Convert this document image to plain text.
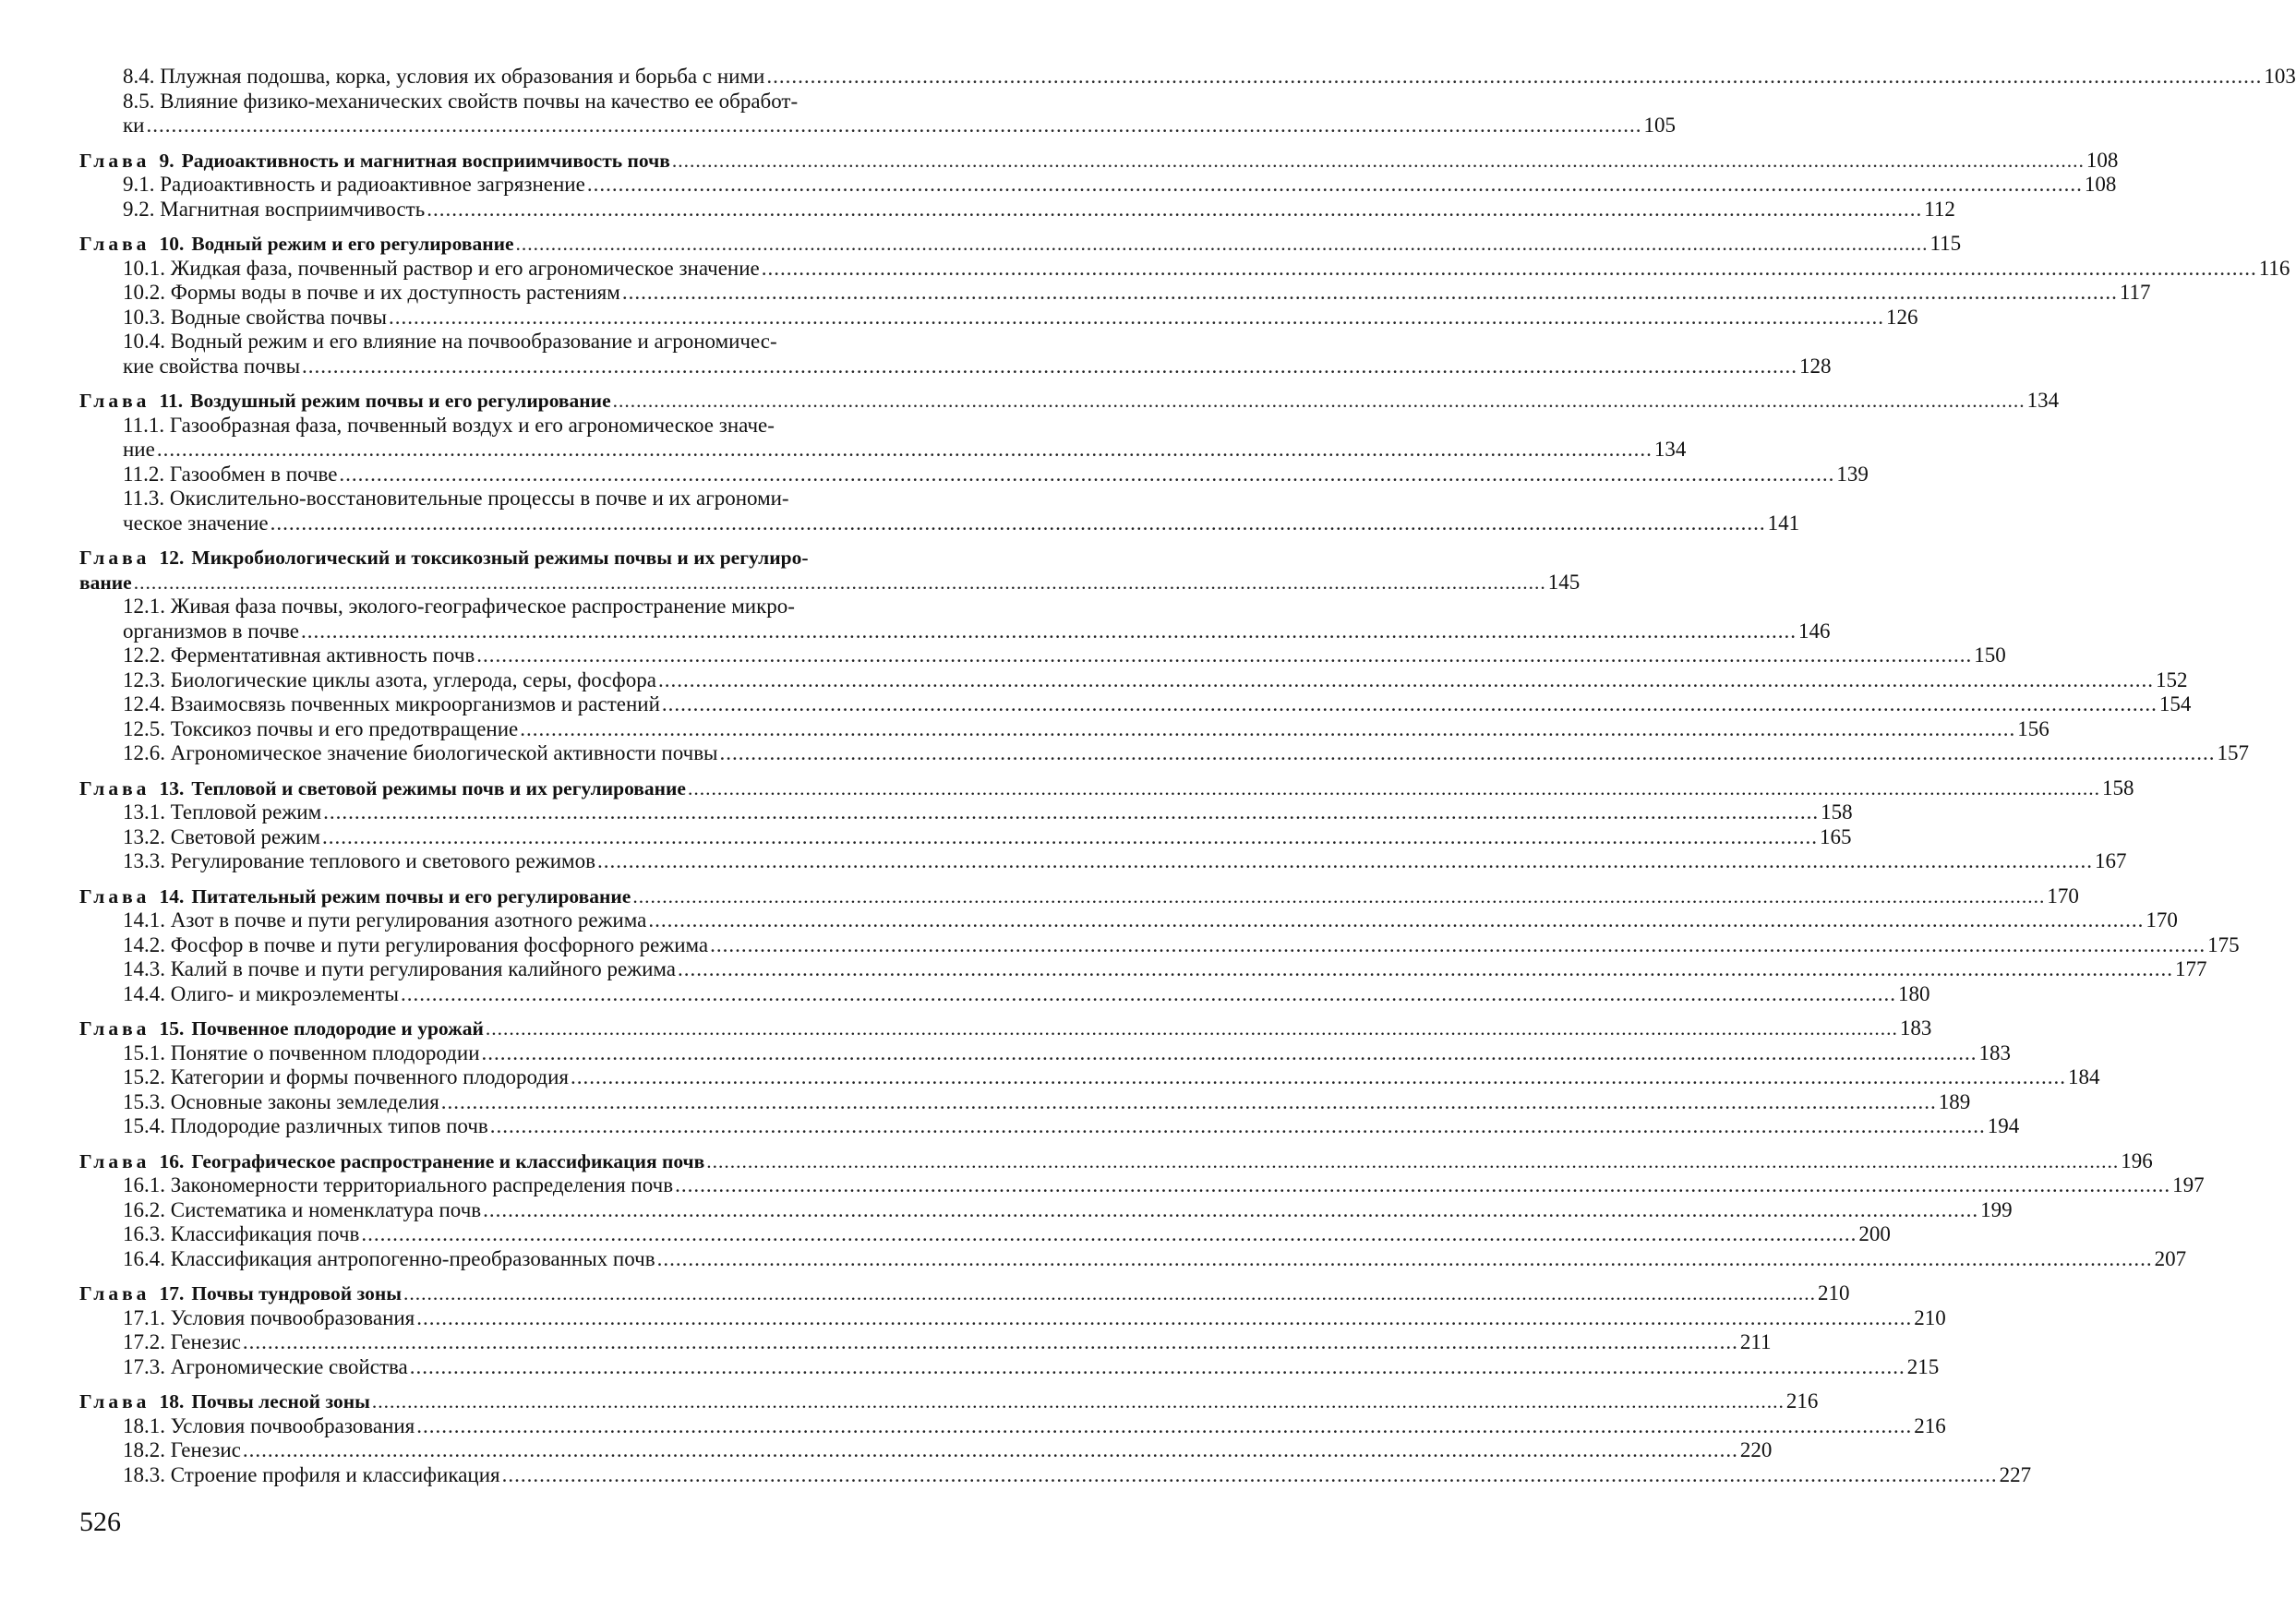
8.4. Плужная подошва, корка, условия их образования и борьба с ними ................................................................................................................................................................................................................................................ 103
8.5. Влияние физико-механических свойств почвы на качество ее обработ-
ки ................................................................................................................................................................................................................................................ 105
Глава 9. Радиоактивность и магнитная восприимчивость почв ................................................................................................................................................................................................................................................ 108
9.1. Радиоактивность и радиоактивное загрязнение ................................................................................................................................................................................................................................................ 108
9.2. Магнитная восприимчивость ................................................................................................................................................................................................................................................ 112
Глава 10. Водный режим и его регулирование ................................................................................................................................................................................................................................................ 115
10.1. Жидкая фаза, почвенный раствор и его агрономическое значение ................................................................................................................................................................................................................................................ 116
10.2. Формы воды в почве и их доступность растениям ................................................................................................................................................................................................................................................ 117
10.3. Водные свойства почвы ................................................................................................................................................................................................................................................ 126
10.4. Водный режим и его влияние на почвообразование и агрономичес-
кие свойства почвы ................................................................................................................................................................................................................................................ 128
Глава 11. Воздушный режим почвы и его регулирование ................................................................................................................................................................................................................................................ 134
11.1. Газообразная фаза, почвенный воздух и его агрономическое значе-
ние ................................................................................................................................................................................................................................................ 134
11.2. Газообмен в почве ................................................................................................................................................................................................................................................ 139
11.3. Окислительно-восстановительные процессы в почве и их агрономи-
ческое значение ................................................................................................................................................................................................................................................ 141
Глава 12. Микробиологический и токсикозный режимы почвы и их регулиро-
вание ................................................................................................................................................................................................................................................ 145
12.1. Живая фаза почвы, эколого-географическое распространение микро-
организмов в почве ................................................................................................................................................................................................................................................ 146
12.2. Ферментативная активность почв ................................................................................................................................................................................................................................................ 150
12.3. Биологические циклы азота, углерода, серы, фосфора ................................................................................................................................................................................................................................................ 152
12.4. Взаимосвязь почвенных микроорганизмов и растений ................................................................................................................................................................................................................................................ 154
12.5. Токсикоз почвы и его предотвращение ................................................................................................................................................................................................................................................ 156
12.6. Агрономическое значение биологической активности почвы ................................................................................................................................................................................................................................................ 157
Глава 13. Тепловой и световой режимы почв и их регулирование ................................................................................................................................................................................................................................................ 158
13.1. Тепловой режим ................................................................................................................................................................................................................................................ 158
13.2. Световой режим ................................................................................................................................................................................................................................................ 165
13.3. Регулирование теплового и светового режимов ................................................................................................................................................................................................................................................ 167
Глава 14. Питательный режим почвы и его регулирование ................................................................................................................................................................................................................................................ 170
14.1. Азот в почве и пути регулирования азотного режима ................................................................................................................................................................................................................................................ 170
14.2. Фосфор в почве и пути регулирования фосфорного режима ................................................................................................................................................................................................................................................ 175
14.3. Калий в почве и пути регулирования калийного режима ................................................................................................................................................................................................................................................ 177
14.4. Олиго- и микроэлементы ................................................................................................................................................................................................................................................ 180
Глава 15. Почвенное плодородие и урожай ................................................................................................................................................................................................................................................ 183
15.1. Понятие о почвенном плодородии ................................................................................................................................................................................................................................................ 183
15.2. Категории и формы почвенного плодородия ................................................................................................................................................................................................................................................ 184
15.3. Основные законы земледелия ................................................................................................................................................................................................................................................ 189
15.4. Плодородие различных типов почв ................................................................................................................................................................................................................................................ 194
Глава 16. Географическое распространение и классификация почв ................................................................................................................................................................................................................................................ 196
16.1. Закономерности территориального распределения почв ................................................................................................................................................................................................................................................ 197
16.2. Систематика и номенклатура почв ................................................................................................................................................................................................................................................ 199
16.3. Классификация почв ................................................................................................................................................................................................................................................ 200
16.4. Классификация антропогенно-преобразованных почв ................................................................................................................................................................................................................................................ 207
Глава 17. Почвы тундровой зоны ................................................................................................................................................................................................................................................ 210
17.1. Условия почвообразования ................................................................................................................................................................................................................................................ 210
17.2. Генезис ................................................................................................................................................................................................................................................ 211
17.3. Агрономические свойства ................................................................................................................................................................................................................................................ 215
Глава 18. Почвы лесной зоны ................................................................................................................................................................................................................................................ 216
18.1. Условия почвообразования ................................................................................................................................................................................................................................................ 216
18.2. Генезис ................................................................................................................................................................................................................................................ 220
18.3. Строение профиля и классификация ................................................................................................................................................................................................................................................ 227
526
